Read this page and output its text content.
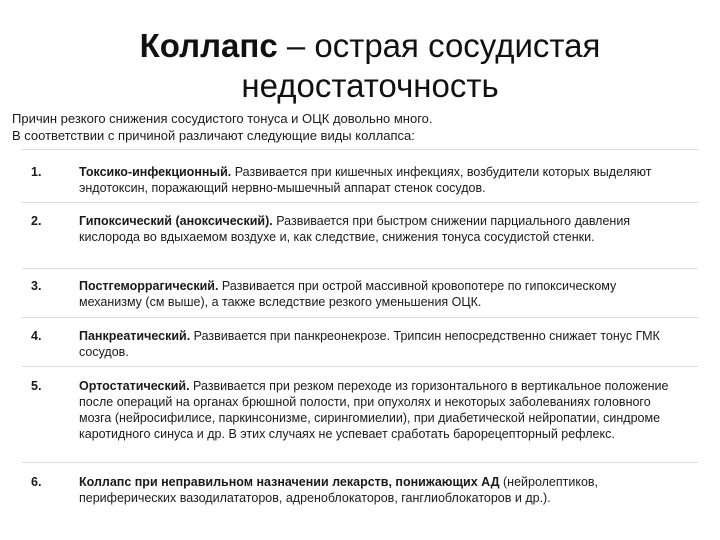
Коллапс – острая сосудистая недостаточность
Причин резкого снижения сосудистого тонуса и ОЦК довольно много.
В соответствии с причиной различают следующие виды коллапса:
1.	Токсико-инфекционный. Развивается при кишечных инфекциях, возбудители которых выделяют эндотоксин, поражающий нервно-мышечный аппарат стенок сосудов.
2.	Гипоксический (аноксический). Развивается при быстром снижении парциального давления кислорода во вдыхаемом воздухе и, как следствие, снижения тонуса сосудистой стенки.
3.	Постгеморрагический. Развивается при острой массивной кровопотере по гипоксическому механизму (см выше), а также вследствие резкого уменьшения ОЦК.
4.	Панкреатический. Развивается при панкреонекрозе. Трипсин непосредственно снижает тонус ГМК сосудов.
5.	Ортостатический. Развивается при резком переходе из горизонтального в вертикальное положение после операций на органах брюшной полости, при опухолях и некоторых заболеваниях головного мозга (нейросифилисе, паркинсонизме, сирингомиелии), при диабетической нейропатии, синдроме каротидного синуса и др. В этих случаях не успевает сработать барорецепторный рефлекс.
6.	Коллапс при неправильном назначении лекарств, понижающих АД (нейролептиков, периферических вазодилататоров, адреноблокаторов, ганглиоблокаторов и др.).
